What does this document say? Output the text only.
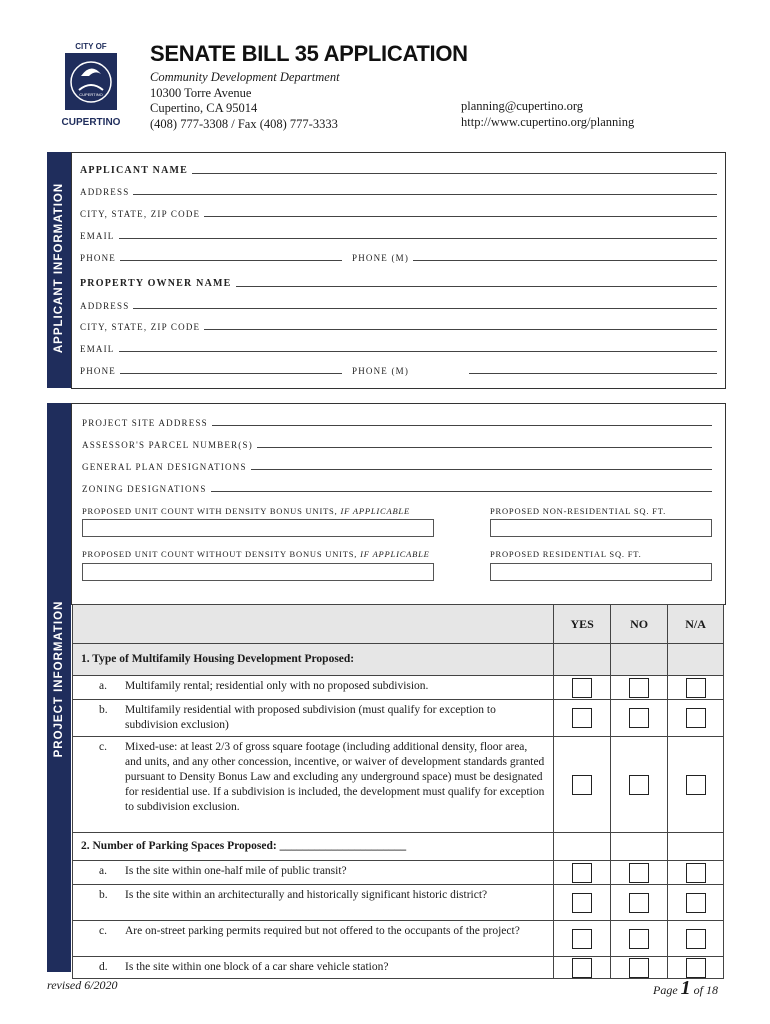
CITY OF
CUPERTINO
CUPERTINO
SENATE BILL 35 APPLICATION
Community Development Department
10300 Torre Avenue
Cupertino, CA 95014
(408) 777-3308 / Fax (408) 777-3333
planning@cupertino.org
http://www.cupertino.org/planning
APPLICANT INFORMATION
APPLICANT NAME
ADDRESS
CITY, STATE, ZIP CODE
EMAIL
PHONE	PHONE (M)
PROPERTY OWNER NAME
ADDRESS
CITY, STATE, ZIP CODE
EMAIL
PHONE	PHONE (M)
PROJECT INFORMATION
PROJECT SITE ADDRESS
ASSESSOR'S PARCEL NUMBER(S)
GENERAL PLAN DESIGNATIONS
ZONING DESIGNATIONS
PROPOSED UNIT COUNT WITH DENSITY BONUS UNITS, IF APPLICABLE	PROPOSED NON-RESIDENTIAL SQ. FT.
PROPOSED UNIT COUNT WITHOUT DENSITY BONUS UNITS, IF APPLICABLE	PROPOSED RESIDENTIAL SQ. FT.
	YES	NO	N/A
1. Type of Multifamily Housing Development Proposed:			

a. Multifamily rental; residential only with no proposed subdivision.			

b. Multifamily residential with proposed subdivision (must qualify for exception to subdivision exclusion)			

c. Mixed-use: at least 2/3 of gross square footage (including additional density, floor area, and units, and any other concession, incentive, or waiver of development standards granted pursuant to Density Bonus Law and excluding any underground space) must be designated for residential use. If a subdivision is included, the development must qualify for exception to subdivision exclusion.			

2. Number of Parking Spaces Proposed: ______________________			

a. Is the site within one-half mile of public transit?			

b. Is the site within an architecturally and historically significant historic district?			

c. Are on-street parking permits required but not offered to the occupants of the project?			

d. Is the site within one block of a car share vehicle station?			

revised 6/2020	Page 1 of 18
